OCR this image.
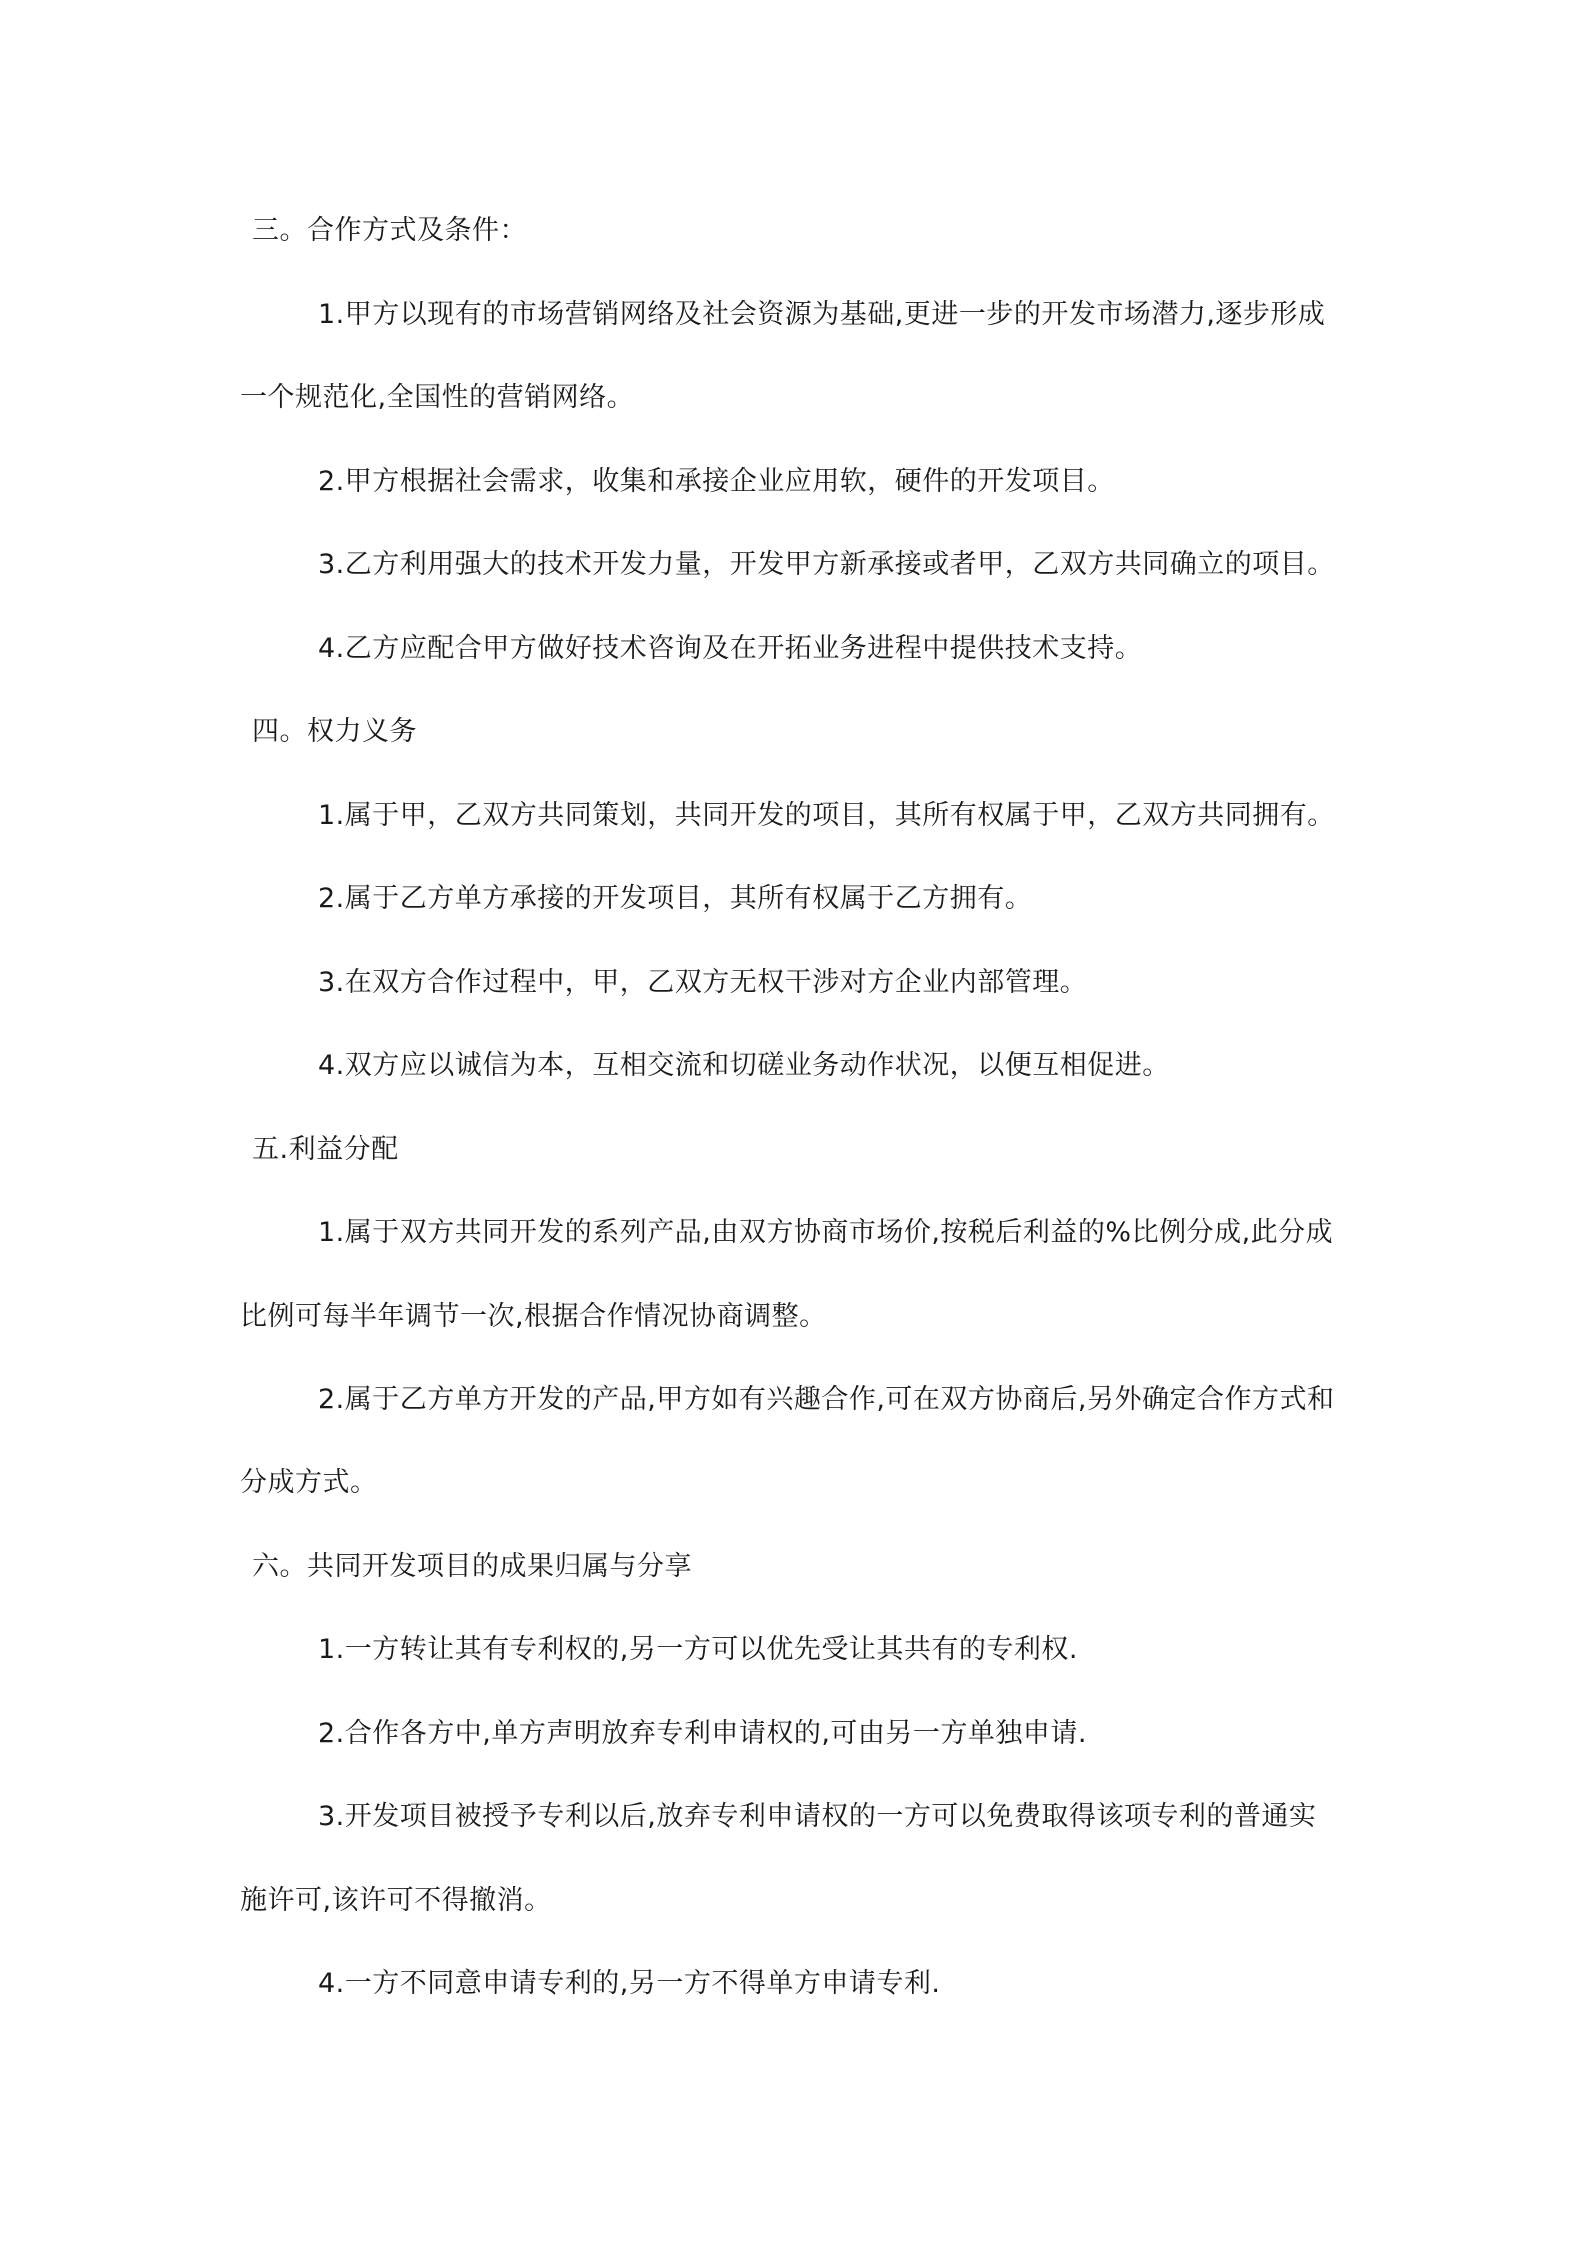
三。合作方式及条件：
1.甲方以现有的市场营销网络及社会资源为基础,更进一步的开发市场潜力,逐步形成
一个规范化,全国性的营销网络。
2.甲方根据社会需求，收集和承接企业应用软，硬件的开发项目。
3.乙方利用强大的技术开发力量，开发甲方新承接或者甲，乙双方共同确立的项目。
4.乙方应配合甲方做好技术咨询及在开拓业务进程中提供技术支持。
四。权力义务
1.属于甲，乙双方共同策划，共同开发的项目，其所有权属于甲，乙双方共同拥有。
2.属于乙方单方承接的开发项目，其所有权属于乙方拥有。
3.在双方合作过程中，甲，乙双方无权干涉对方企业内部管理。
4.双方应以诚信为本，互相交流和切磋业务动作状况，以便互相促进。
五.利益分配
1.属于双方共同开发的系列产品,由双方协商市场价,按税后利益的%比例分成,此分成
比例可每半年调节一次,根据合作情况协商调整。
2.属于乙方单方开发的产品,甲方如有兴趣合作,可在双方协商后,另外确定合作方式和
分成方式。
六。共同开发项目的成果归属与分享
1.一方转让其有专利权的,另一方可以优先受让其共有的专利权.
2.合作各方中,单方声明放弃专利申请权的,可由另一方单独申请.
3.开发项目被授予专利以后,放弃专利申请权的一方可以免费取得该项专利的普通实
施许可,该许可不得撤消。
4.一方不同意申请专利的,另一方不得单方申请专利.
